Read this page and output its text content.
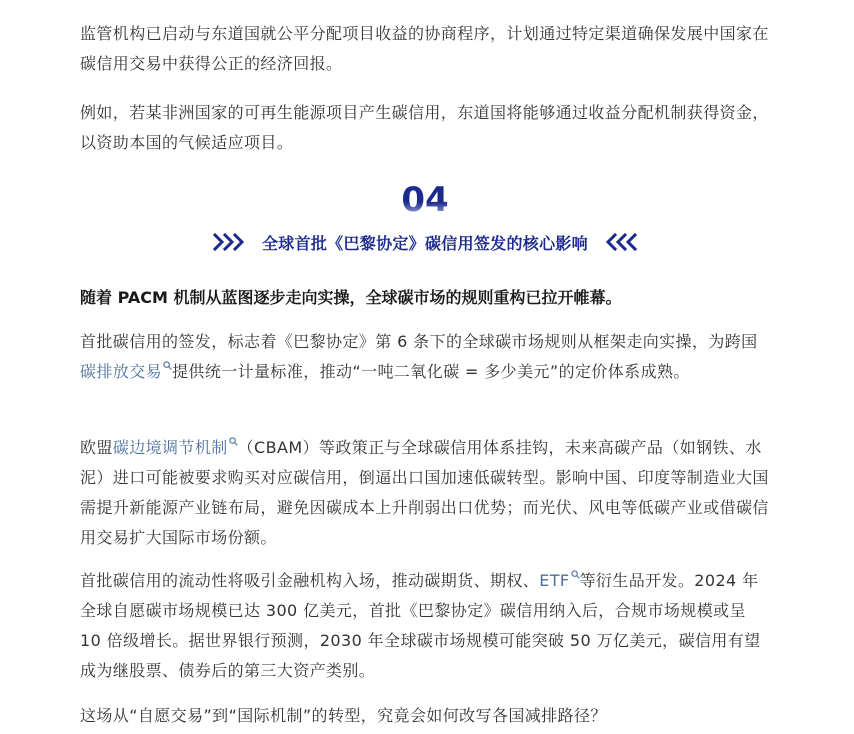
监管机构已启动与东道国就公平分配项目收益的协商程序，计划通过特定渠道确保发展中国家在碳信用交易中获得公正的经济回报。

例如，若某非洲国家的可再生能源项目产生碳信用，东道国将能够通过收益分配机制获得资金，以资助本国的气候适应项目。

04
全球首批《巴黎协定》碳信用签发的核心影响

随着 PACM 机制从蓝图逐步走向实操，全球碳市场的规则重构已拉开帷幕。

首批碳信用的签发，标志着《巴黎协定》第 6 条下的全球碳市场规则从框架走向实操，为跨国碳排放交易 提供统一计量标准，推动“一吨二氧化碳 = 多少美元”的定价体系成熟。

欧盟碳边境调节机制 （CBAM）等政策正与全球碳信用体系挂钩，未来高碳产品（如钢铁、水泥）进口可能被要求购买对应碳信用，倒逼出口国加速低碳转型。影响中国、印度等制造业大国需提升新能源产业链布局，避免因碳成本上升削弱出口优势；而光伏、风电等低碳产业或借碳信用交易扩大国际市场份额。

首批碳信用的流动性将吸引金融机构入场，推动碳期货、期权、ETF 等衍生品开发。2024 年全球自愿碳市场规模已达 300 亿美元，首批《巴黎协定》碳信用纳入后，合规市场规模或呈 10 倍级增长。据世界银行预测，2030 年全球碳市场规模可能突破 50 万亿美元，碳信用有望成为继股票、债券后的第三大资产类别。

这场从“自愿交易”到“国际机制”的转型，究竟会如何改写各国减排路径？
